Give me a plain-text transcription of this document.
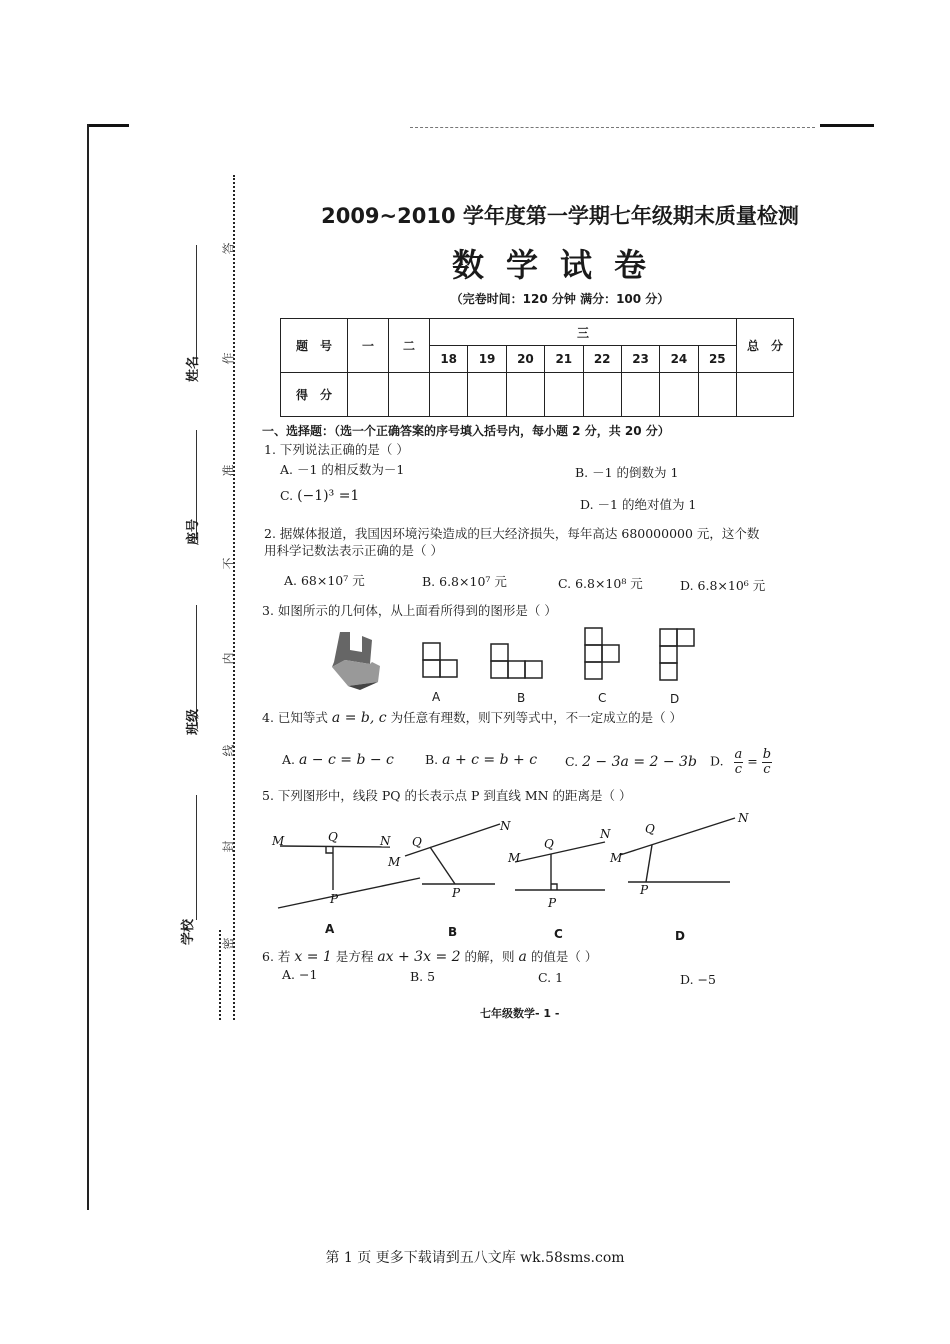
姓名
座号
班级
学校 密
封
线
内
不
准
作
答
2009~2010 学年度第一学期七年级期末质量检测
数学试卷
（完卷时间：120 分钟 满分：100 分）
题　号	一	二	三								总　分
			18	19	20	21	22	23	24	25	
得　分											
一、选择题：（选一个正确答案的序号填入括号内，每小题 2 分，共 20 分）
1. 下列说法正确的是（ ）
A. －1 的相反数为－1	B. －1 的倒数为 1
C. (−1)³ =1
D. －1 的绝对值为 1
2. 据媒体报道，我国因环境污染造成的巨大经济损失，每年高达 680000000 元，这个数
用科学记数法表示正确的是（ ）
A. 68×10⁷ 元	B. 6.8×10⁷ 元	C. 6.8×10⁸ 元	D. 6.8×10⁶ 元
3. 如图所示的几何体，从上面看所得到的图形是（ ）
A	B	C	D
4. 已知等式 a = b, c 为任意有理数，则下列等式中，不一定成立的是（ ）
A. a − c = b − c B. a + c = b + c C. 2 − 3a = 2 − 3b D. $\frac{a}{c} = \frac{b}{c}$
5. 下列图形中，线段 PQ 的长表示点 P 到直线 MN 的距离是（ ）
M	Q	N
P
M
Q
N
P
M
Q
N
P
M
Q
N
P
A	B	C	D
6. 若 x = 1 是方程 ax + 3x = 2 的解，则 a 的值是（ ）
A. −1	B. 5	C. 1	D. −5
七年级数学- 1 -
第 1 页 更多下载请到五八文库 wk.58sms.com
